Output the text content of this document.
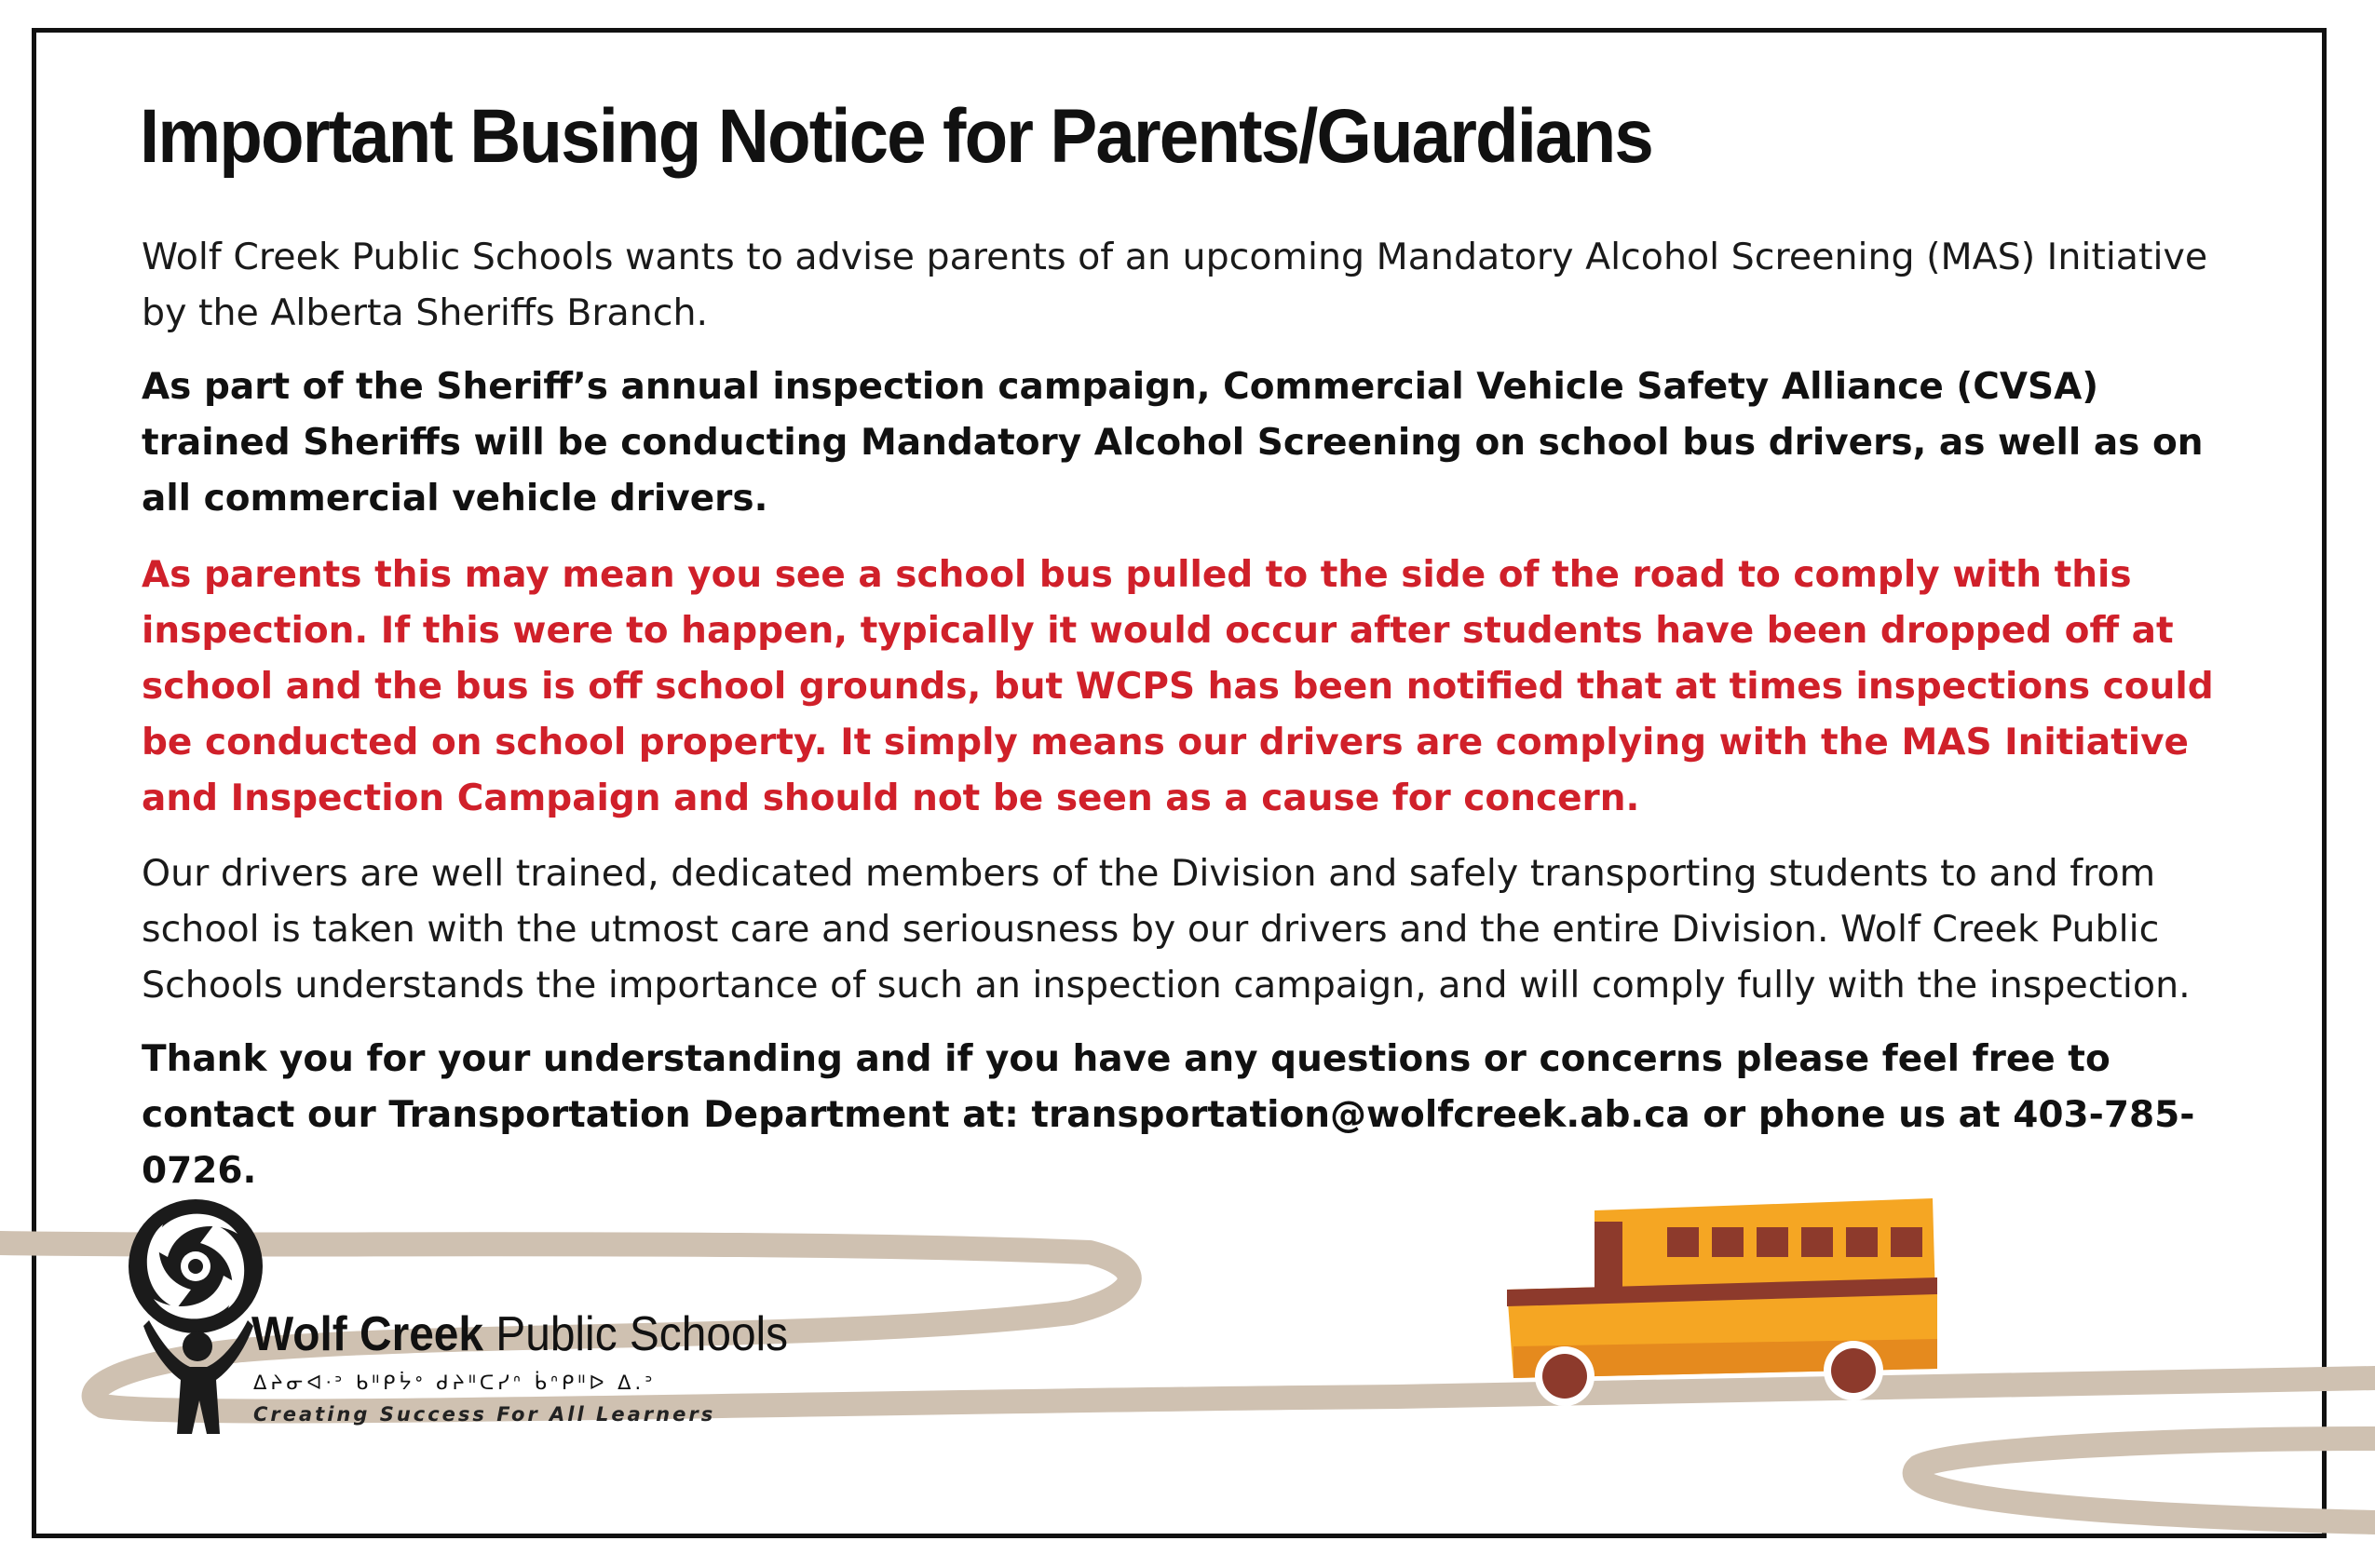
Important Busing Notice for Parents/Guardians

Wolf Creek Public Schools wants to advise parents of an upcoming Mandatory Alcohol Screening (MAS) Initiative by the Alberta Sheriffs Branch.

As part of the Sheriff’s annual inspection campaign, Commercial Vehicle Safety Alliance (CVSA) trained Sheriffs will be conducting Mandatory Alcohol Screening on school bus drivers, as well as on all commercial vehicle drivers.

As parents this may mean you see a school bus pulled to the side of the road to comply with this inspection. If this were to happen, typically it would occur after students have been dropped off at school and the bus is off school grounds, but WCPS has been notified that at times inspections could be conducted on school property. It simply means our drivers are complying with the MAS Initiative and Inspection Campaign and should not be seen as a cause for concern.

Our drivers are well trained, dedicated members of the Division and safely transporting students to and from school is taken with the utmost care and seriousness by our drivers and the entire Division. Wolf Creek Public Schools understands the importance of such an inspection campaign, and will comply fully with the inspection.

Thank you for your understanding and if you have any questions or concerns please feel free to contact our Transportation Department at: transportation@wolfcreek.ab.ca or phone us at 403-785-0726.

Wolf Creek Public Schools

ᐃᔨᓂᐊᐧᐣ ᑲᐦᑭᔮᐤ ᑯᔨᐦᑕᓯᐢ ᑳᐢᑭᐦᐅ ᐃ.ᐣ

Creating Success For All Learners
